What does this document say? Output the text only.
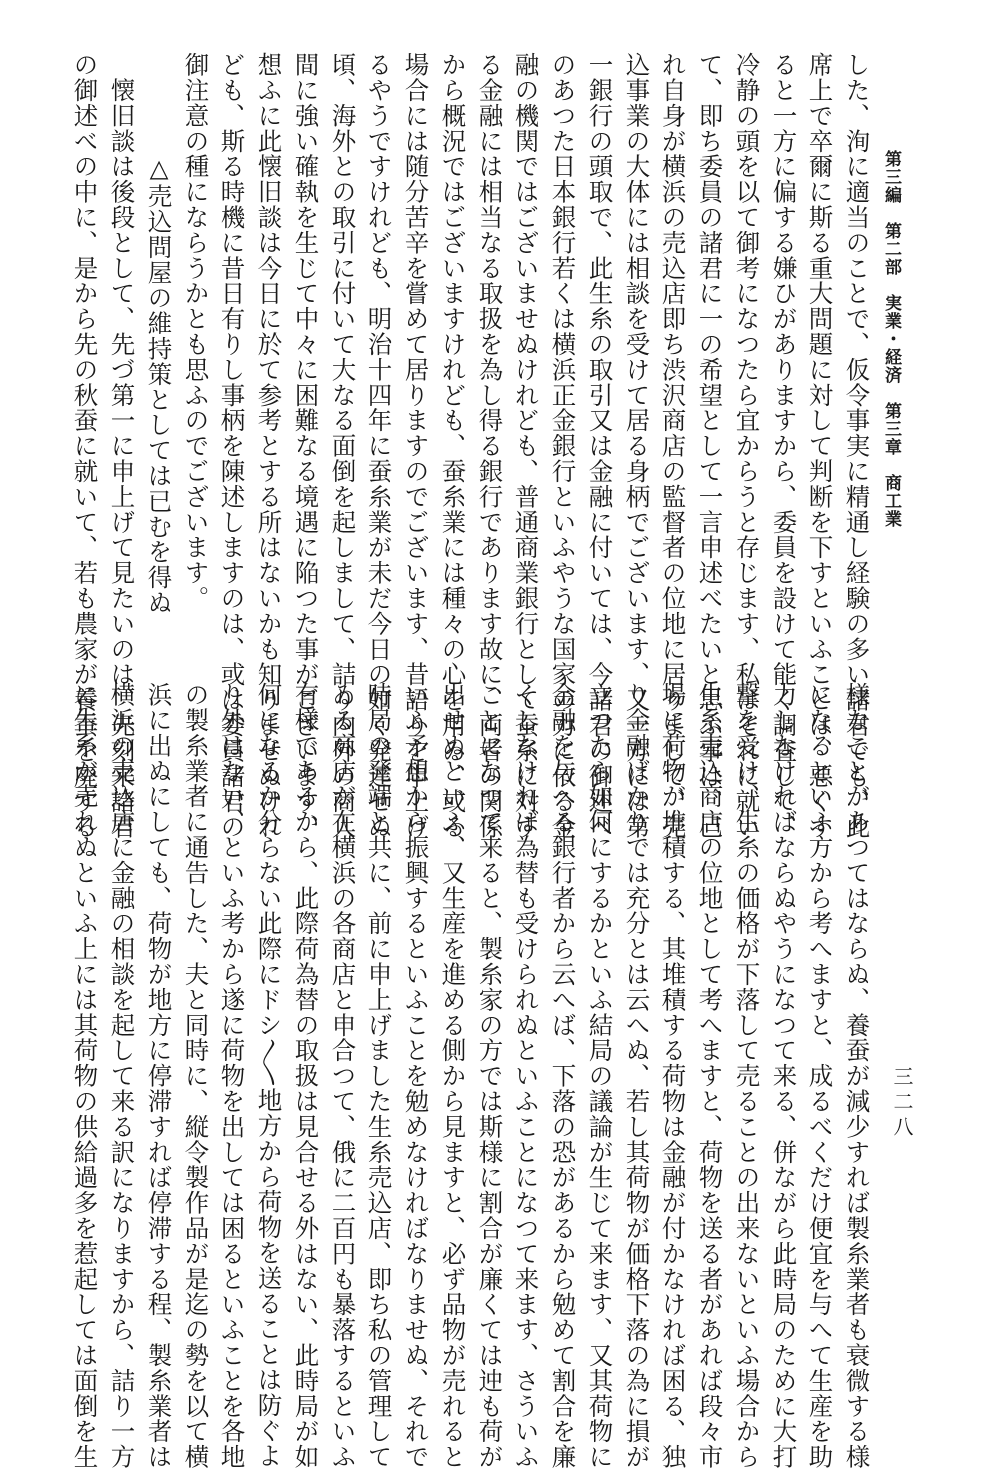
第三編　第二部　実業・経済　第三章　商工業
三二八
した、洵に適当のことで、仮令事実に精通し経験の多い諸君でも、此
席上で卒爾に斯る重大問題に対して判断を下すといふことは、悪くす
ると一方に偏する嫌ひがありますから、委員を設けて能く調査して、
冷静の頭を以て御考になつたら宜からうと存じます、私はそれに就い
て、即ち委員の諸君に一の希望として一言申述べたいと思ふ事は、己
れ自身が横浜の売込店即ち渋沢商店の監督者の位地に居りまして、売
込事業の大体には相談を受けて居る身柄でございます、又一方には第
一銀行の頭取で、此生糸の取引又は金融に付いては、今諸君の御述べ
のあつた日本銀行若くは横浜正金銀行といふやうな国家の力に依る金
融の機関ではございませぬけれども、普通商業銀行として蚕糸に対す
る金融には相当なる取扱を為し得る銀行であります故に、両者の関係
から概況ではございますけれども、蚕糸業には種々の心を用ゐ、或る
場合には随分苦辛を嘗めて居りますのでございます、昔語りを申上げ
るやうですけれども、明治十四年に蚕糸業が未だ今日の如く発達せぬ
頃、海外との取引に付いて大なる面倒を起しまして、詰り内外の商人
間に強い確執を生じて中々に困難なる境遇に陥つた事がございます、
想ふに此懐旧談は今日に於て参考とする所はないかも知りませぬけれ
ども、斯る時機に昔日有りし事柄を陳述しますのは、或は委員諸君の
御注意の種にならうかとも思ふのでございます。
　　　　△売込問屋の維持策としては已むを得ぬ
　懐旧談は後段として、先づ第一に申上げて見たいのは、先刻来諸君
の御述べの中に、是から先の秋蚕に就いて、若も農家が養蚕を廃する
様なことがあつてはならぬ、養蚕が減少すれば製糸業者も衰微する様
になるといふ方から考へますと、成るべくだけ便宜を与へて生産を助
力しなければならぬやうになつて来る、併ながら此時局のために大打
撃を受け、生糸の価格が下落して売ることの出来ないといふ場合から
生糸売込商店の位地として考へますと、荷物を送る者があれば段々市
場に荷物が堆積する、其堆積する荷物は金融が付かなければ困る、独
り金融ばかりでは充分とは云へぬ、若し其荷物が価格下落の為に損が
立つたら如何にするかといふ結局の議論が生じて来ます、又其荷物に
金融を与へる銀行者から云へば、下落の恐があるから勉めて割合を廉
くしなければ為替も受けられぬといふことになつて来ます、さういふ
ことになつて来ると、製糸家の方では斯様に割合が廉くては迚も荷が
出せぬといふ、又生産を進める側から見ますと、必ず品物が売れると
いふ予想から振興するといふことを勉めなければなりませぬ、それで
時局の発端と共に、前に申上げました生糸売込店、即ち私の管理して
ゐる商店が在横浜の各商店と申合つて、俄に二百円も暴落するといふ
有様であるから、此際荷為替の取扱は見合せる外はない、此時局が如
何になるか分らない此際にドシ〳〵地方から荷物を送ることは防ぐよ
り外はない、といふ考から遂に荷物を出しては困るといふことを各地
の製糸業者に通告した、夫と同時に、縦令製作品が是迄の勢を以て横
浜に出ぬにしても、荷物が地方に停滞すれば停滞する程、製糸業者は
横浜の売込店に金融の相談を起して来る訳になりますから、詰り一方
に生糸が売れぬといふ上には其荷物の供給過多を惹起しては面倒を生
